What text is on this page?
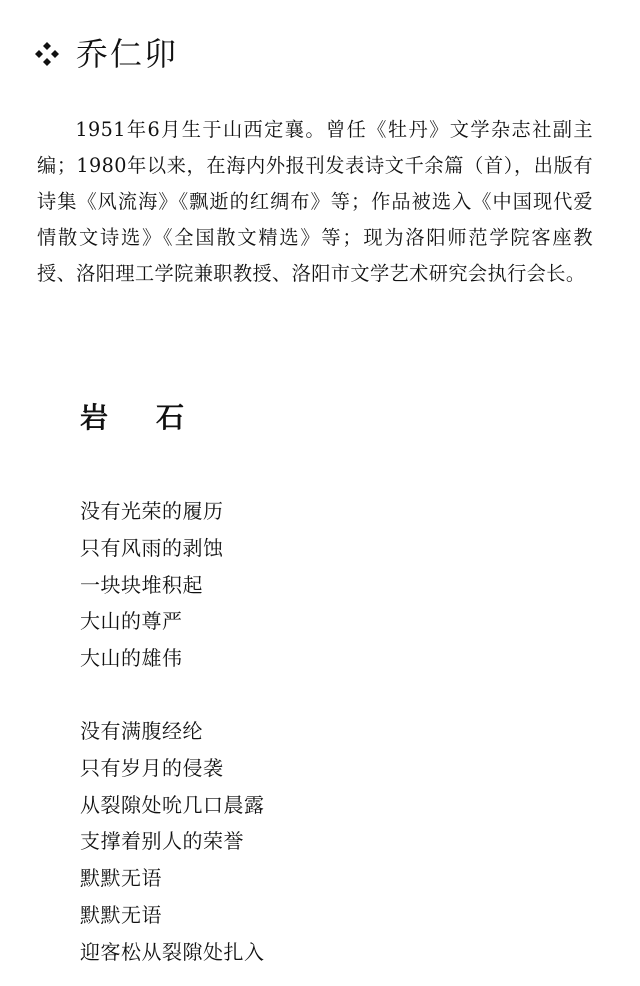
乔仁卯

1951年6月生于山西定襄。曾任《牡丹》文学杂志社副主编；1980年以来，在海内外报刊发表诗文千余篇（首），出版有诗集《风流海》《飘逝的红绸布》等；作品被选入《中国现代爱情散文诗选》《全国散文精选》等；现为洛阳师范学院客座教授、洛阳理工学院兼职教授、洛阳市文学艺术研究会执行会长。

岩　石
没有光荣的履历
只有风雨的剥蚀
一块块堆积起
大山的尊严
大山的雄伟
没有满腹经纶
只有岁月的侵袭
从裂隙处吮几口晨露
支撑着别人的荣誉
默默无语
默默无语
迎客松从裂隙处扎入
